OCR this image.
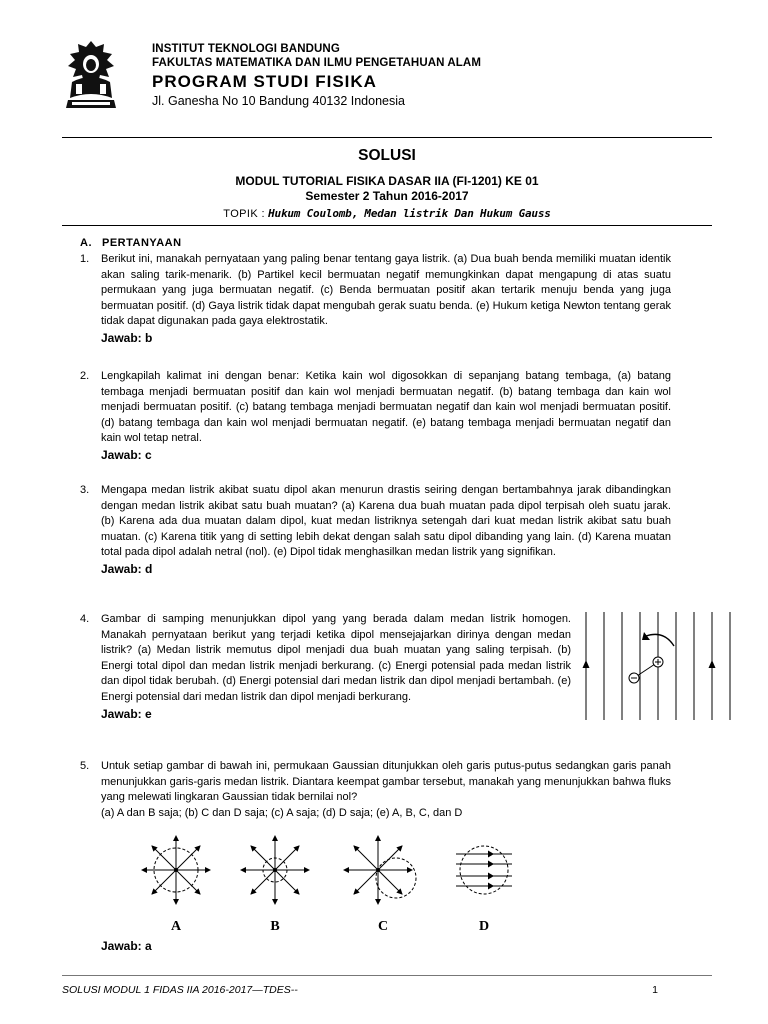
INSTITUT TEKNOLOGI BANDUNG
FAKULTAS MATEMATIKA DAN ILMU PENGETAHUAN ALAM
PROGRAM STUDI FISIKA
Jl. Ganesha No 10 Bandung 40132 Indonesia
SOLUSI
MODUL TUTORIAL FISIKA DASAR IIA (FI-1201) KE 01
Semester 2 Tahun 2016-2017
TOPIK : Hukum Coulomb, Medan listrik Dan Hukum Gauss
A. PERTANYAAN
1. Berikut ini, manakah pernyataan yang paling benar tentang gaya listrik. (a) Dua buah benda memiliki muatan identik akan saling tarik-menarik. (b) Partikel kecil bermuatan negatif memungkinkan dapat mengapung di atas suatu permukaan yang juga bermuatan negatif. (c) Benda bermuatan positif akan tertarik menuju benda yang juga bermuatan positif. (d) Gaya listrik tidak dapat mengubah gerak suatu benda. (e) Hukum ketiga Newton tentang gerak tidak dapat digunakan pada gaya elektrostatik.
Jawab: b
2. Lengkapilah kalimat ini dengan benar: Ketika kain wol digosokkan di sepanjang batang tembaga, (a) batang tembaga menjadi bermuatan positif dan kain wol menjadi bermuatan negatif. (b) batang tembaga dan kain wol menjadi bermuatan positif. (c) batang tembaga menjadi bermuatan negatif dan kain wol menjadi bermuatan positif. (d) batang tembaga dan kain wol menjadi bermuatan negatif. (e) batang tembaga menjadi bermuatan negatif dan kain wol tetap netral.
Jawab: c
3. Mengapa medan listrik akibat suatu dipol akan menurun drastis seiring dengan bertambahnya jarak dibandingkan dengan medan listrik akibat satu buah muatan? (a) Karena dua buah muatan pada dipol terpisah oleh suatu jarak. (b) Karena ada dua muatan dalam dipol, kuat medan listriknya setengah dari kuat medan listrik akibat satu buah muatan. (c) Karena titik yang di setting lebih dekat dengan salah satu dipol dibanding yang lain. (d) Karena muatan total pada dipol adalah netral (nol). (e) Dipol tidak menghasilkan medan listrik yang signifikan.
Jawab: d
4. Gambar di samping menunjukkan dipol yang yang berada dalam medan listrik homogen. Manakah pernyataan berikut yang terjadi ketika dipol mensejajarkan dirinya dengan medan listrik? (a) Medan listrik memutus dipol menjadi dua buah muatan yang saling terpisah. (b) Energi total dipol dan medan listrik menjadi berkurang. (c) Energi potensial pada medan listrik dan dipol tidak berubah. (d) Energi potensial dari medan listrik dan dipol menjadi bertambah. (e) Energi potensial dari medan listrik dan dipol menjadi berkurang.
Jawab: e
5. Untuk setiap gambar di bawah ini, permukaan Gaussian ditunjukkan oleh garis putus-putus sedangkan garis panah menunjukkan garis-garis medan listrik. Diantara keempat gambar tersebut, manakah yang menunjukkan bahwa fluks yang melewati lingkaran Gaussian tidak bernilai nol?
(a) A dan B saja; (b) C dan D saja; (c) A saja; (d) D saja; (e) A, B, C, dan D
A	B	C	D
Jawab: a
SOLUSI MODUL 1 FIDAS IIA 2016-2017—TDES--	1
